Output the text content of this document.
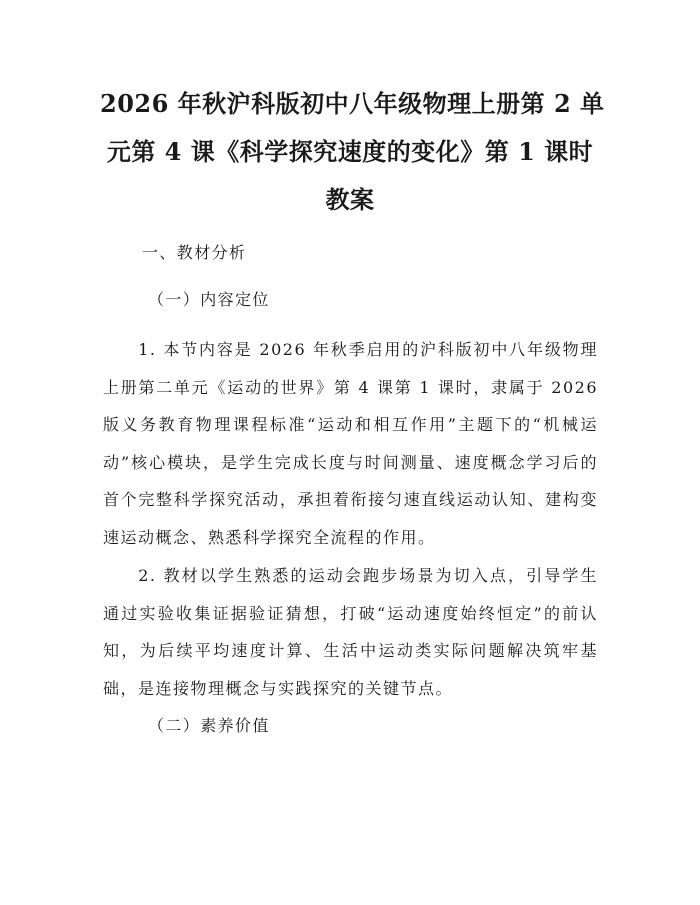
2026 年秋沪科版初中八年级物理上册第 2 单
元第 4 课《科学探究速度的变化》第 1 课时
教案
一、教材分析
（一）内容定位

1. 本节内容是 2026 年秋季启用的沪科版初中八年级物理上册第二单元《运动的世界》第 4 课第 1 课时，隶属于 2026 版义务教育物理课程标准“运动和相互作用”主题下的“机械运动”核心模块，是学生完成长度与时间测量、速度概念学习后的首个完整科学探究活动，承担着衔接匀速直线运动认知、建构变速运动概念、熟悉科学探究全流程的作用。

2. 教材以学生熟悉的运动会跑步场景为切入点，引导学生通过实验收集证据验证猜想，打破“运动速度始终恒定”的前认知，为后续平均速度计算、生活中运动类实际问题解决筑牢基础，是连接物理概念与实践探究的关键节点。

（二）素养价值
